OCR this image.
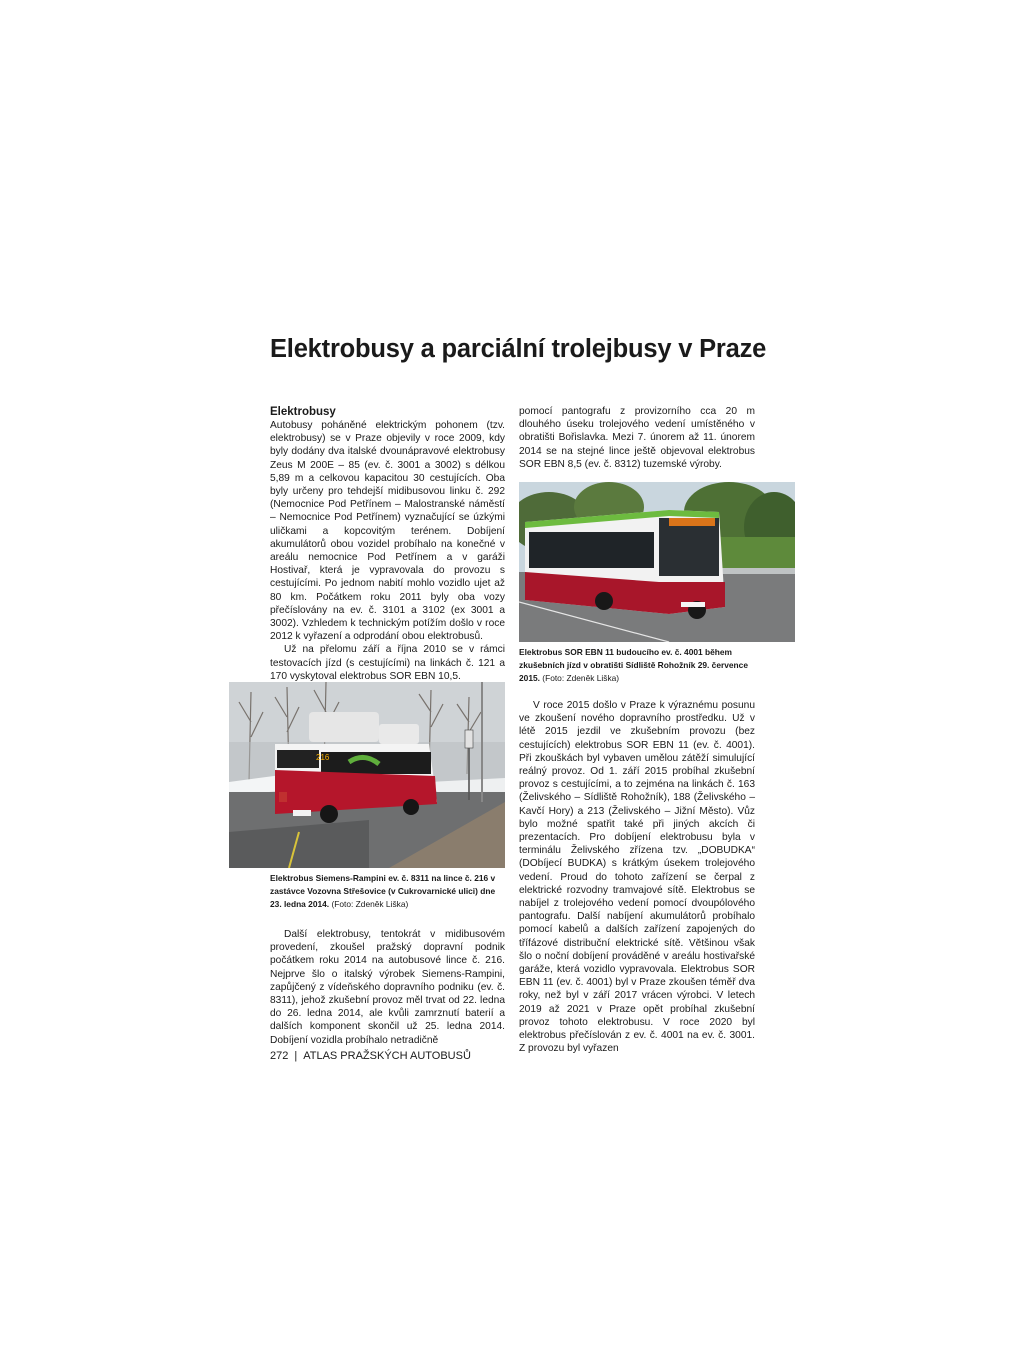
Elektrobusy a parciální trolejbusy v Praze
Elektrobusy

Autobusy poháněné elektrickým pohonem (tzv. elektrobusy) se v Praze objevily v roce 2009, kdy byly dodány dva italské dvounápravové elektrobusy Zeus M 200E – 85 (ev. č. 3001 a 3002) s délkou 5,89 m a celkovou kapacitou 30 cestujících. Oba byly určeny pro tehdejší midibusovou linku č. 292 (Nemocnice Pod Petřínem – Malostranské náměstí – Nemocnice Pod Petřínem) vyznačující se úzkými uličkami a kopcovitým terénem. Dobíjení akumulátorů obou vozidel probíhalo na konečné v areálu nemocnice Pod Petřínem a v garáži Hostivař, která je vypravovala do provozu s cestujícími. Po jednom nabití mohlo vozidlo ujet až 80 km. Počátkem roku 2011 byly oba vozy přečíslovány na ev. č. 3101 a 3102 (ex 3001 a 3002). Vzhledem k technickým potížím došlo v roce 2012 k vyřazení a odprodání obou elektrobusů.

Už na přelomu září a října 2010 se v rámci testovacích jízd (s cestujícími) na linkách č. 121 a 170 vyskytoval elektrobus SOR EBN 10,5.

216
Elektrobus Siemens-Rampini ev. č. 8311 na lince č. 216 v zastávce Vozovna Střešovice (v Cukrovarnické ulici) dne 23. ledna 2014. (Foto: Zdeněk Liška)

Další elektrobusy, tentokrát v midibusovém provedení, zkoušel pražský dopravní podnik počátkem roku 2014 na autobusové lince č. 216. Nejprve šlo o italský výrobek Siemens-Rampini, zapůjčený z vídeňského dopravního podniku (ev. č. 8311), jehož zkušební provoz měl trvat od 22. ledna do 26. ledna 2014, ale kvůli zamrznutí baterií a dalších komponent skončil už 25. ledna 2014. Dobíjení vozidla probíhalo netradičně

pomocí pantografu z provizorního cca 20 m dlouhého úseku trolejového vedení umístěného v obratišti Bořislavka. Mezi 7. únorem až 11. únorem 2014 se na stejné lince ještě objevoval elektrobus SOR EBN 8,5 (ev. č. 8312) tuzemské výroby.

Elektrobus SOR EBN 11 budoucího ev. č. 4001 během zkušebních jízd v obratišti Sídliště Rohožník 29. července 2015. (Foto: Zdeněk Liška)

V roce 2015 došlo v Praze k výraznému posunu ve zkoušení nového dopravního prostředku. Už v létě 2015 jezdil ve zkušebním provozu (bez cestujících) elektrobus SOR EBN 11 (ev. č. 4001). Při zkouškách byl vybaven umělou zátěží simulující reálný provoz. Od 1. září 2015 probíhal zkušební provoz s cestujícími, a to zejména na linkách č. 163 (Želivského – Sídliště Rohožník), 188 (Želivského – Kavčí Hory) a 213 (Želivského – Jižní Město). Vůz bylo možné spatřit také při jiných akcích či prezentacích. Pro dobíjení elektrobusu byla v terminálu Želivského zřízena tzv. „DOBUDKA“ (DObíjecí BUDKA) s krátkým úsekem trolejového vedení. Proud do tohoto zařízení se čerpal z elektrické rozvodny tramvajové sítě. Elektrobus se nabíjel z trolejového vedení pomocí dvoupólového pantografu. Další nabíjení akumulátorů probíhalo pomocí kabelů a dalších zařízení zapojených do třífázové distribuční elektrické sítě. Většinou však šlo o noční dobíjení prováděné v areálu hostivařské garáže, která vozidlo vypravovala. Elektrobus SOR EBN 11 (ev. č. 4001) byl v Praze zkoušen téměř dva roky, než byl v září 2017 vrácen výrobci. V letech 2019 až 2021 v Praze opět probíhal zkušební provoz tohoto elektrobusu. V roce 2020 byl elektrobus přečíslován z ev. č. 4001 na ev. č. 3001. Z provozu byl vyřazen

272 | ATLAS PRAŽSKÝCH AUTOBUSŮ
